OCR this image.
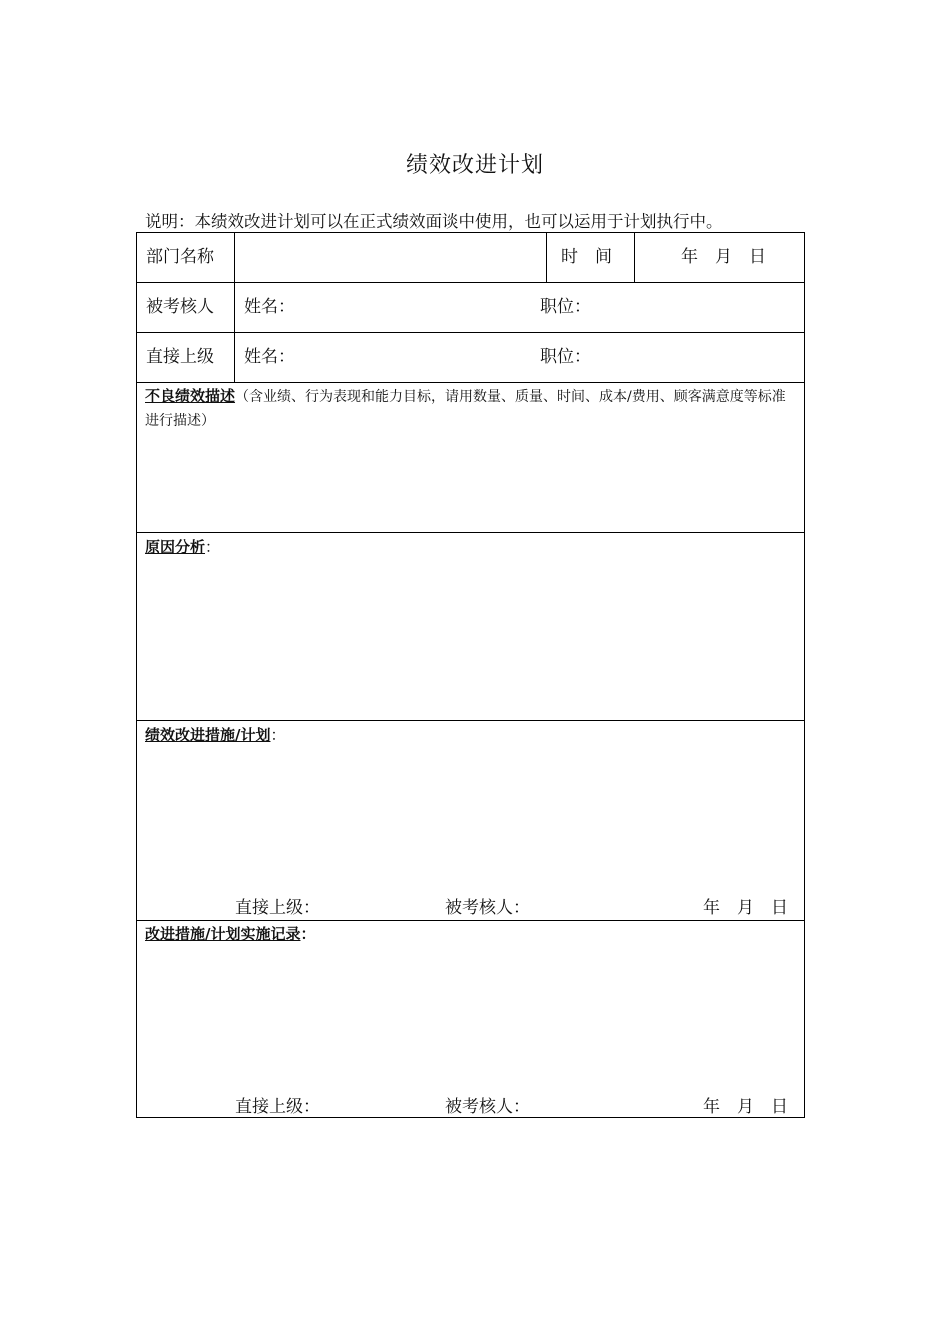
绩效改进计划
说明：本绩效改进计划可以在正式绩效面谈中使用，也可以运用于计划执行中。
部门名称	时　间	年　月　日
被考核人 姓名：	职位：
直接上级 姓名：	职位：
不良绩效描述（含业绩、行为表现和能力目标，请用数量、质量、时间、成本/费用、顾客满意度等标准进行描述）
原因分析：
绩效改进措施/计划：
直接上级：	被考核人：	年　月　日
改进措施/计划实施记录：
直接上级：	被考核人：	年　月　日
